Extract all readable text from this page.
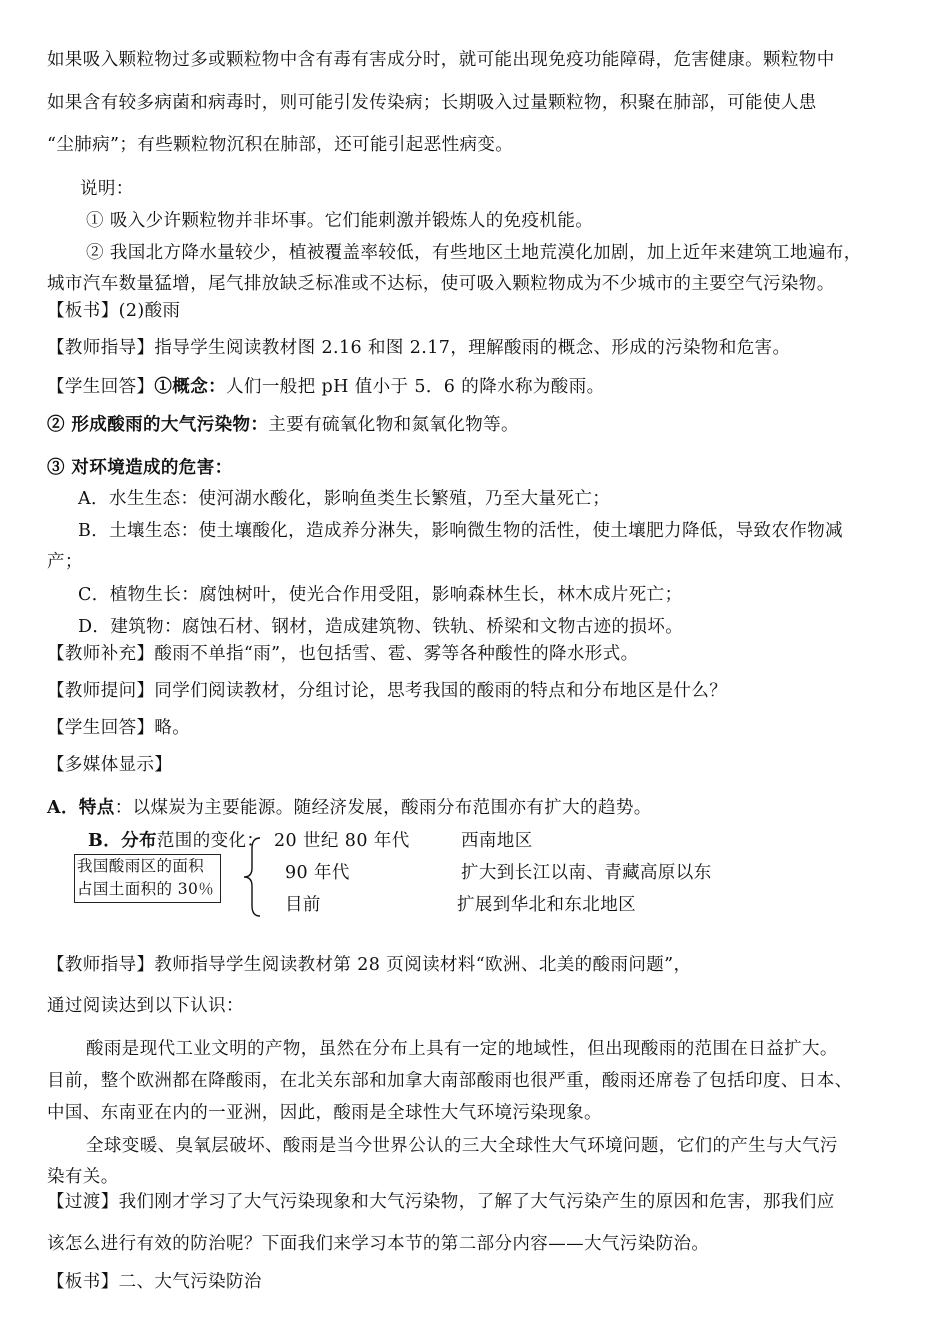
如果吸入颗粒物过多或颗粒物中含有毒有害成分时，就可能出现免疫功能障碍，危害健康。颗粒物中
如果含有较多病菌和病毒时，则可能引发传染病；长期吸入过量颗粒物，积聚在肺部，可能使人患
“尘肺病”；有些颗粒物沉积在肺部，还可能引起恶性病变。
说明：
① 吸入少许颗粒物并非坏事。它们能刺激并锻炼人的免疫机能。
② 我国北方降水量较少，植被覆盖率较低，有些地区土地荒漠化加剧，加上近年来建筑工地遍布，
城市汽车数量猛增，尾气排放缺乏标准或不达标，使可吸入颗粒物成为不少城市的主要空气污染物。
【板书】(2)酸雨
【教师指导】指导学生阅读教材图 2.16 和图 2.17，理解酸雨的概念、形成的污染物和危害。
【学生回答】①概念：人们一般把 pH 值小于 5．6 的降水称为酸雨。
② 形成酸雨的大气污染物：主要有硫氧化物和氮氧化物等。
③ 对环境造成的危害：
A．水生生态：使河湖水酸化，影响鱼类生长繁殖，乃至大量死亡；
B．土壤生态：使土壤酸化，造成养分淋失，影响微生物的活性，使土壤肥力降低，导致农作物减
产；
C．植物生长：腐蚀树叶，使光合作用受阻，影响森林生长，林木成片死亡；
D．建筑物：腐蚀石材、钢材，造成建筑物、铁轨、桥梁和文物古迹的损坏。
【教师补充】酸雨不单指“雨”，也包括雪、雹、雾等各种酸性的降水形式。
【教师提问】同学们阅读教材，分组讨论，思考我国的酸雨的特点和分布地区是什么？
【学生回答】略。
【多媒体显示】
A．特点：以煤炭为主要能源。随经济发展，酸雨分布范围亦有扩大的趋势。
B．分布范围的变化：
我国酸雨区的面积
占国土面积的 30％
20 世纪 80 年代	西南地区
90 年代	扩大到长江以南、青藏高原以东
目前	扩展到华北和东北地区
【教师指导】教师指导学生阅读教材第 28 页阅读材料“欧洲、北美的酸雨问题”，
通过阅读达到以下认识：
酸雨是现代工业文明的产物，虽然在分布上具有一定的地域性，但出现酸雨的范围在日益扩大。
目前，整个欧洲都在降酸雨，在北关东部和加拿大南部酸雨也很严重，酸雨还席卷了包括印度、日本、
中国、东南亚在内的一亚洲，因此，酸雨是全球性大气环境污染现象。
全球变暖、臭氧层破坏、酸雨是当今世界公认的三大全球性大气环境问题，它们的产生与大气污
染有关。
【过渡】我们刚才学习了大气污染现象和大气污染物，了解了大气污染产生的原因和危害，那我们应
该怎么进行有效的防治呢？下面我们来学习本节的第二部分内容——大气污染防治。
【板书】二、大气污染防治
